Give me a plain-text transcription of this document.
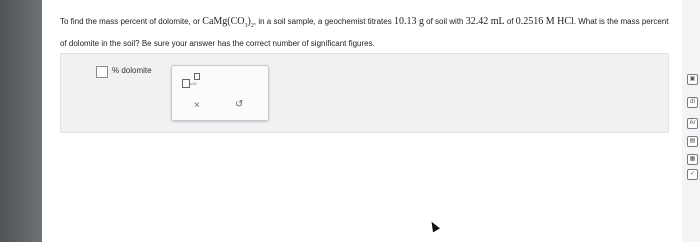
To find the mass percent of dolomite, or $CaMg(CO_3)_2$, in a soil sample, a geochemist titrates 10.13 g of soil with 32.42 mL of 0.2516 M HCl. What is the mass percent of dolomite in the soil? Be sure your answer has the correct number of significant figures.
% dolomite
x10
×	↺
▣
dl
Ar
▤
▦
✓
